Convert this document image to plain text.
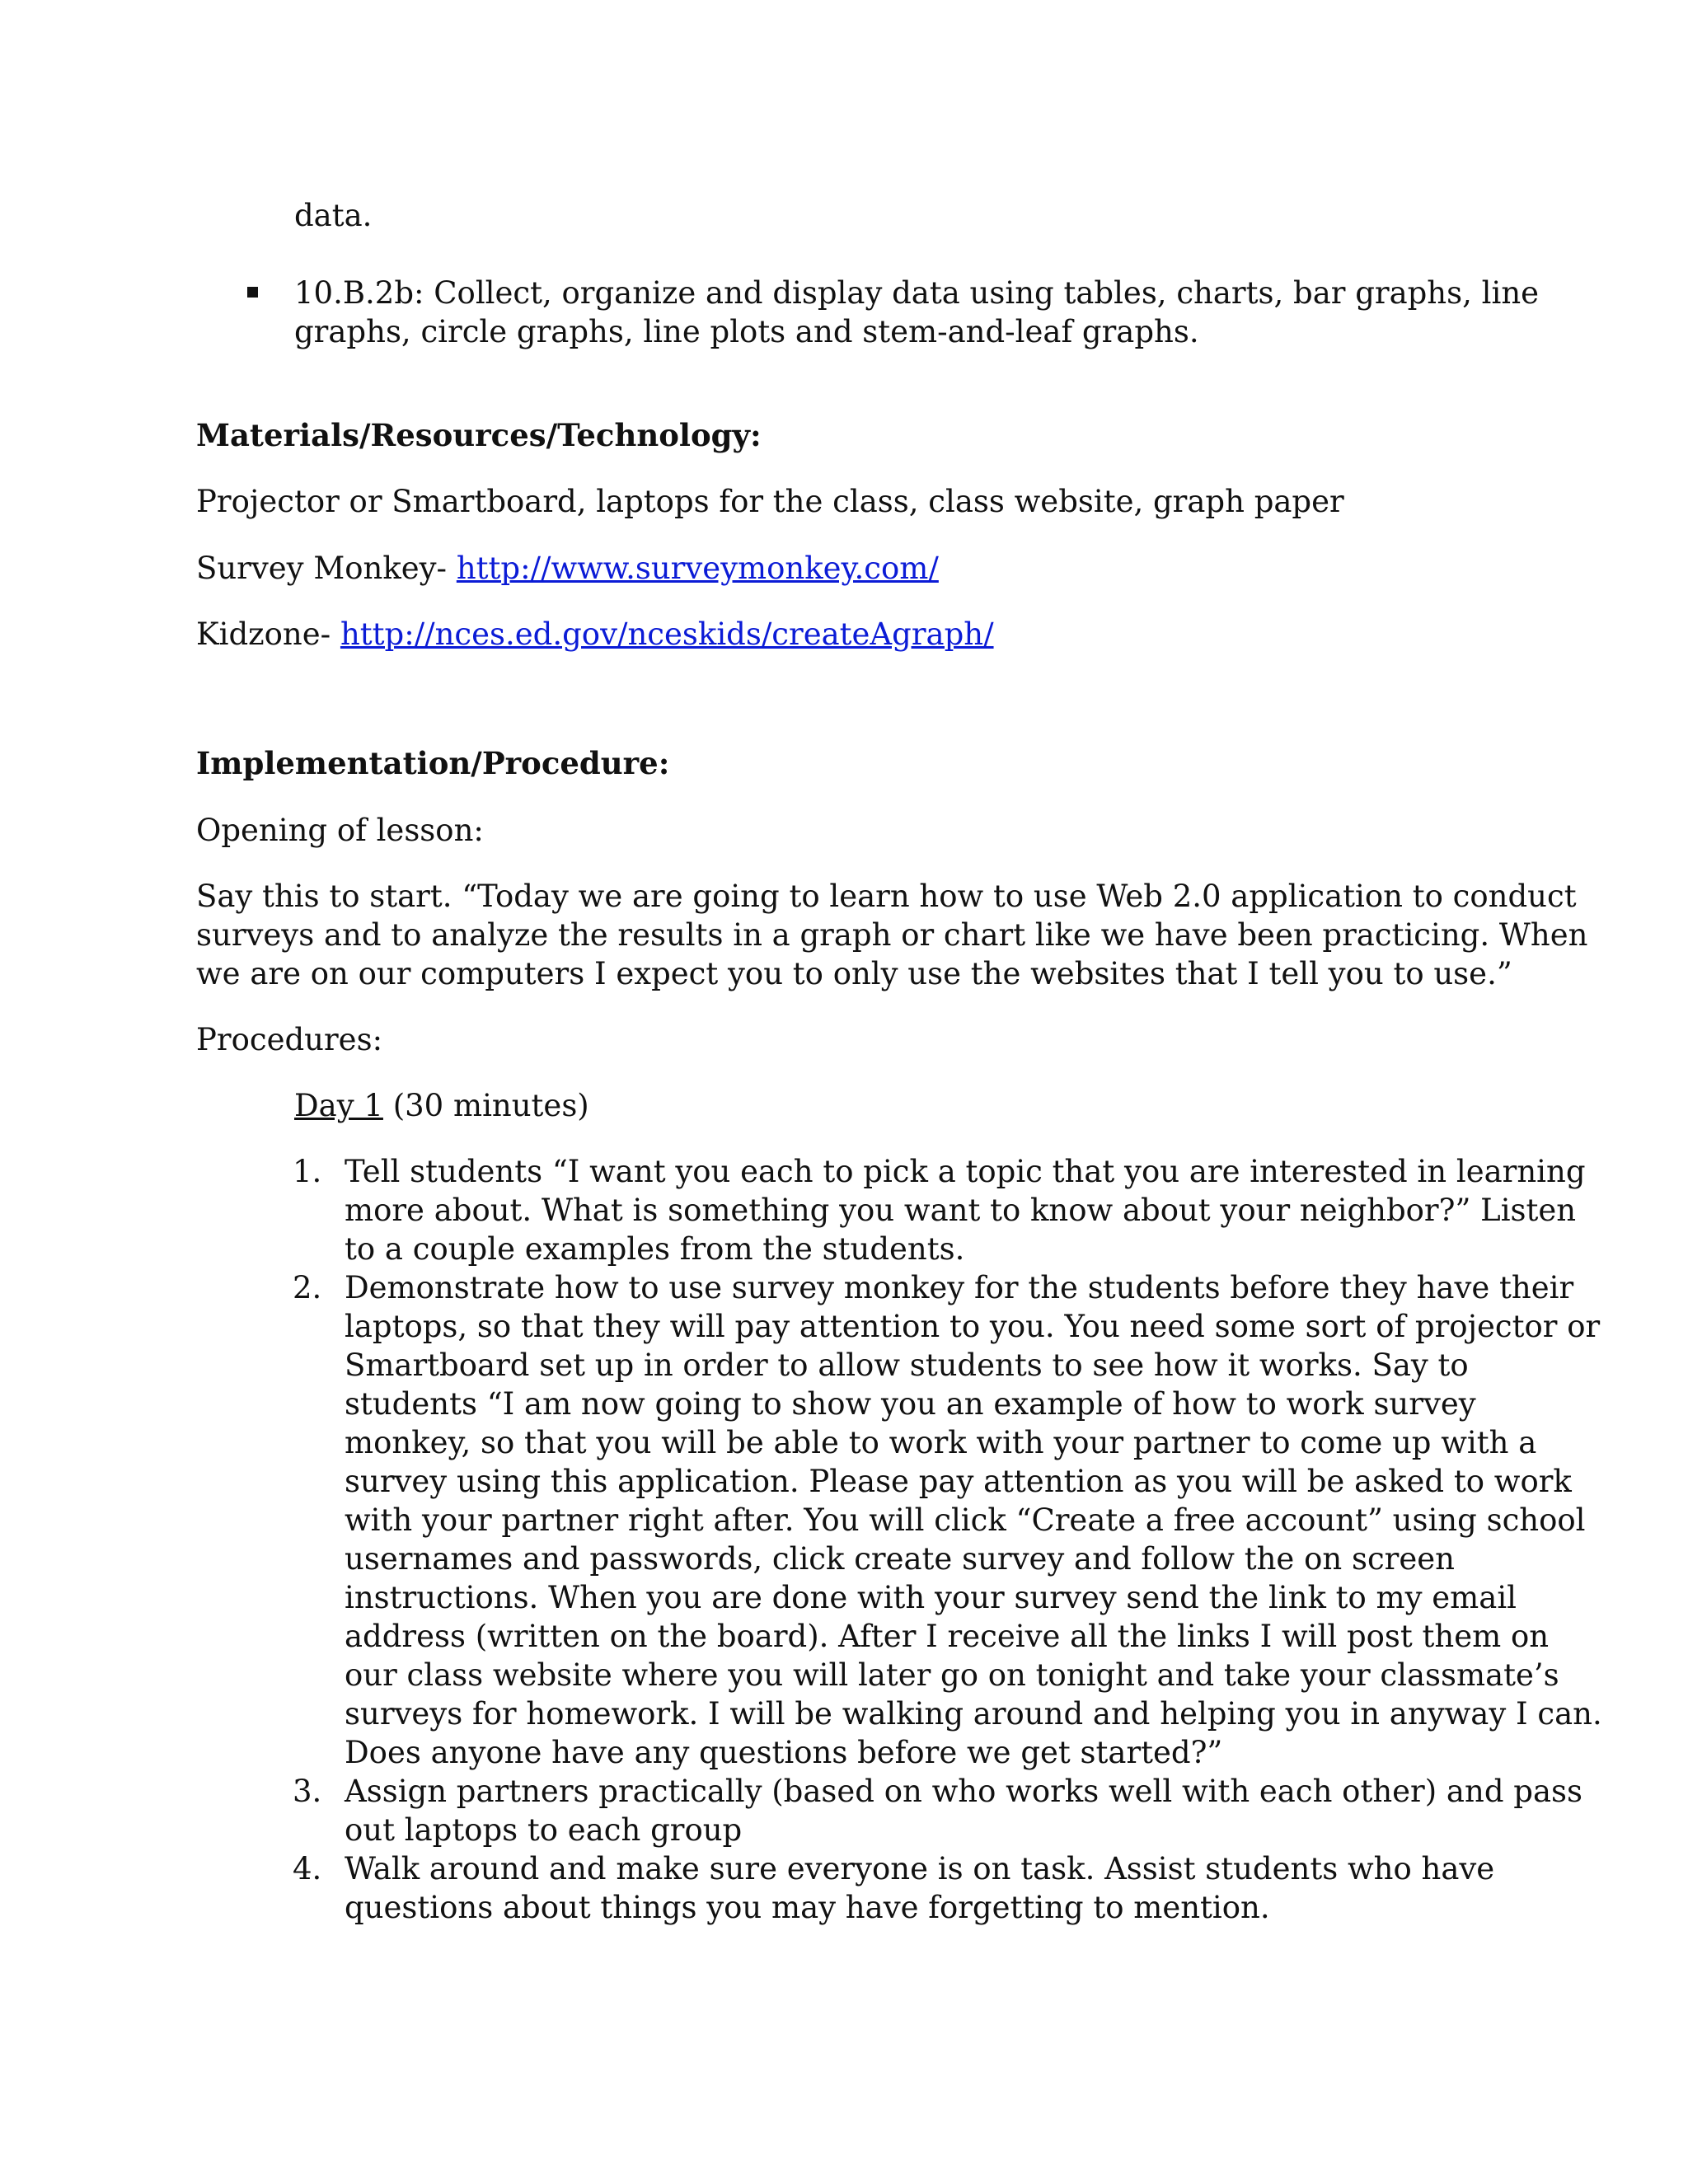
data.
10.B.2b: Collect, organize and display data using tables, charts, bar graphs, line
graphs, circle graphs, line plots and stem-and-leaf graphs.
Materials/Resources/Technology:
Projector or Smartboard, laptops for the class, class website, graph paper
Survey Monkey- http://www.surveymonkey.com/
Kidzone- http://nces.ed.gov/nceskids/createAgraph/
Implementation/Procedure:
Opening of lesson:
Say this to start. “Today we are going to learn how to use Web 2.0 application to conduct
surveys and to analyze the results in a graph or chart like we have been practicing. When
we are on our computers I expect you to only use the websites that I tell you to use.”
Procedures:
Day 1 (30 minutes)
1. Tell students “I want you each to pick a topic that you are interested in learning
more about. What is something you want to know about your neighbor?” Listen
to a couple examples from the students.
2. Demonstrate how to use survey monkey for the students before they have their
laptops, so that they will pay attention to you. You need some sort of projector or
Smartboard set up in order to allow students to see how it works. Say to
students “I am now going to show you an example of how to work survey
monkey, so that you will be able to work with your partner to come up with a
survey using this application. Please pay attention as you will be asked to work
with your partner right after. You will click “Create a free account” using school
usernames and passwords, click create survey and follow the on screen
instructions. When you are done with your survey send the link to my email
address (written on the board). After I receive all the links I will post them on
our class website where you will later go on tonight and take your classmate’s
surveys for homework. I will be walking around and helping you in anyway I can.
Does anyone have any questions before we get started?”
3. Assign partners practically (based on who works well with each other) and pass
out laptops to each group
4. Walk around and make sure everyone is on task. Assist students who have
questions about things you may have forgetting to mention.
